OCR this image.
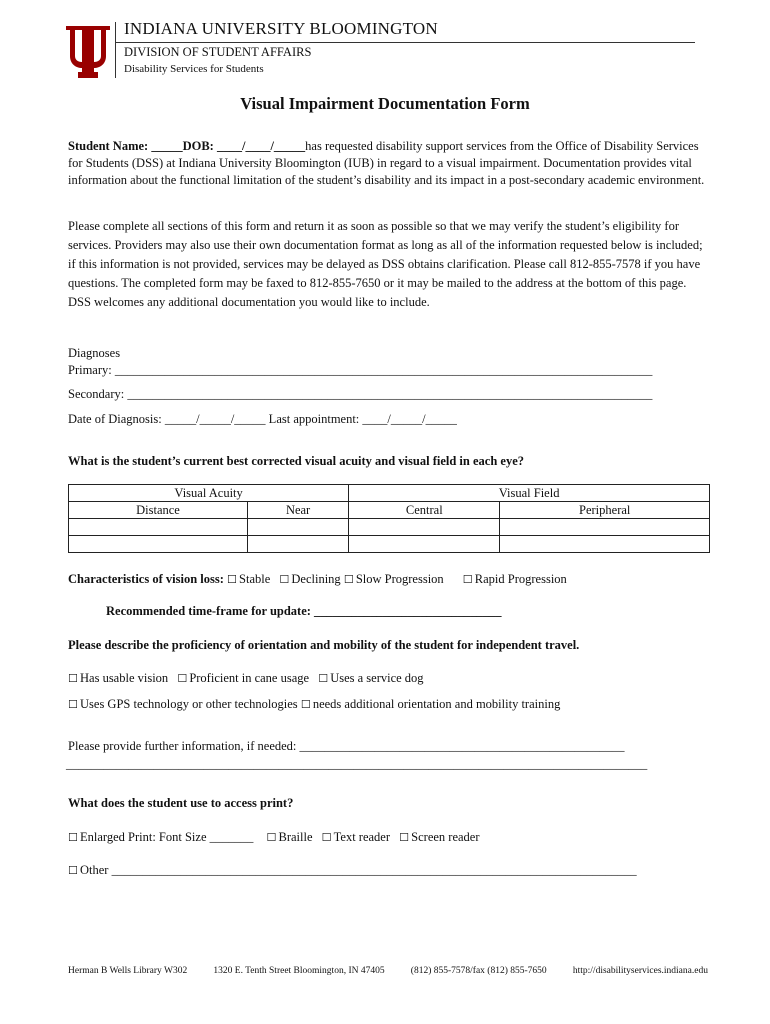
INDIANA UNIVERSITY BLOOMINGTON
DIVISION OF STUDENT AFFAIRS
Disability Services for Students
Visual Impairment Documentation Form
Student Name: _____DOB: ____/____/_____has requested disability support services from the Office of Disability Services for Students (DSS) at Indiana University Bloomington (IUB) in regard to a visual impairment. Documentation provides vital information about the functional limitation of the student’s disability and its impact in a post-secondary academic environment.
Please complete all sections of this form and return it as soon as possible so that we may verify the student’s eligibility for services. Providers may also use their own documentation format as long as all of the information requested below is included; if this information is not provided, services may be delayed as DSS obtains clarification. Please call 812-855-7578 if you have questions. The completed form may be faxed to 812-855-7650 or it may be mailed to the address at the bottom of this page. DSS welcomes any additional documentation you would like to include.
Diagnoses
Primary: ______________________________________________________________________________________
Secondary: ____________________________________________________________________________________
Date of Diagnosis: _____/_____/_____ Last appointment: ____/_____/_____
What is the student’s current best corrected visual acuity and visual field in each eye?
Visual Acuity		Visual Field	
Distance	Near	Central	Peripheral

Characteristics of vision loss: ☐ Stable ☐ Declining ☐ Slow Progression ☐ Rapid Progression
Recommended time-frame for update: ______________________________
Please describe the proficiency of orientation and mobility of the student for independent travel.
☐ Has usable vision ☐ Proficient in cane usage ☐ Uses a service dog
☐ Uses GPS technology or other technologies ☐ needs additional orientation and mobility training
Please provide further information, if needed: ____________________________________________________
_____________________________________________________________________________________________
What does the student use to access print?
☐ Enlarged Print: Font Size _______ ☐ Braille ☐ Text reader ☐ Screen reader
☐ Other ____________________________________________________________________________________
Herman B Wells Library W302	1320 E. Tenth Street Bloomington, IN 47405	(812) 855-7578/fax (812) 855-7650	http://disabilityservices.indiana.edu
